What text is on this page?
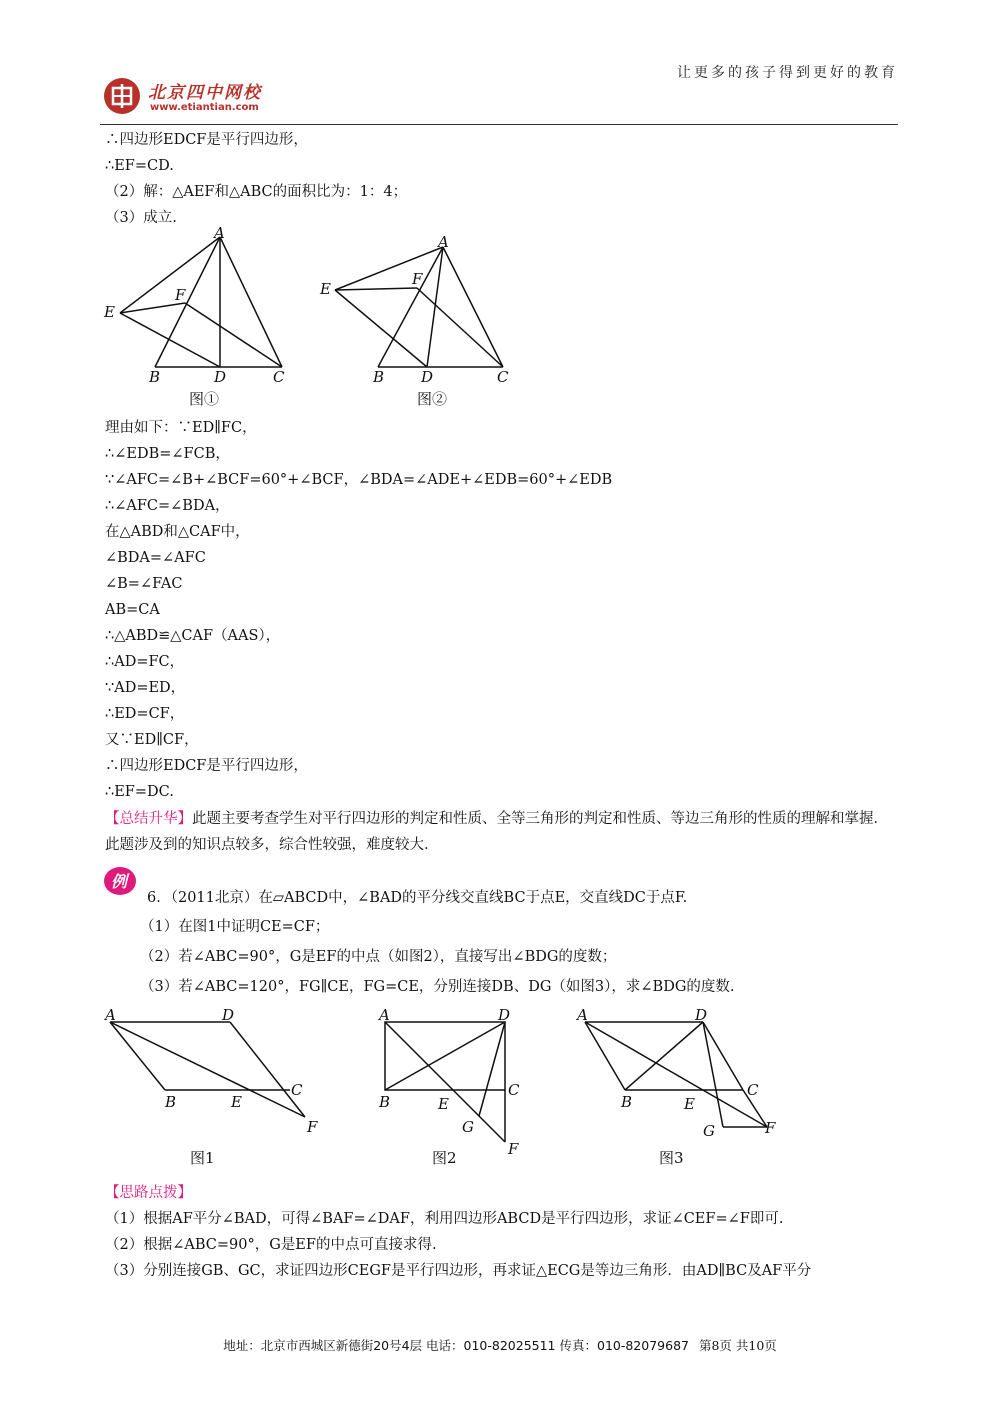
让更多的孩子得到更好的教育
北京四中网校
www.etiantian.com
∴四边形EDCF是平行四边形，
∴EF=CD.
（2）解：△AEF和△ABC的面积比为：1：4；
（3）成立.
A
E
F
B	D	C
图①
A
E
F
B D	C
图②
理由如下：∵ED∥FC，
∴∠EDB=∠FCB，
∵∠AFC=∠B+∠BCF=60°+∠BCF，∠BDA=∠ADE+∠EDB=60°+∠EDB
∴∠AFC=∠BDA，
在△ABD和△CAF中，
∠BDA=∠AFC
∠B=∠FAC
AB=CA
∴△ABD≌△CAF（AAS），
∴AD=FC，
∵AD=ED，
∴ED=CF，
又∵ED∥CF，
∴四边形EDCF是平行四边形，
∴EF=DC.
【总结升华】此题主要考查学生对平行四边形的判定和性质、全等三角形的判定和性质、等边三角形的性质的理解和掌握．此题涉及到的知识点较多，综合性较强，难度较大．
例
6．（2011北京）在▱ABCD中，∠BAD的平分线交直线BC于点E，交直线DC于点F.
（1）在图1中证明CE=CF；
（2）若∠ABC=90°，G是EF的中点（如图2），直接写出∠BDG的度数；
（3）若∠ABC=120°，FG∥CE，FG=CE，分别连接DB、DG（如图3），求∠BDG的度数.
A	D
B	E
C
F
图1
A	D
B	E
C
F
G
图2
A	D
B	E
C
F
G
图3
【思路点拨】
（1）根据AF平分∠BAD，可得∠BAF=∠DAF，利用四边形ABCD是平行四边形，求证∠CEF=∠F即可.
（2）根据∠ABC=90°，G是EF的中点可直接求得.
（3）分别连接GB、GC，求证四边形CEGF是平行四边形，再求证△ECG是等边三角形．由AD∥BC及AF平分
地址：北京市西城区新德街20号4层 电话：010-82025511 传真：010-82079687 第8页 共10页
